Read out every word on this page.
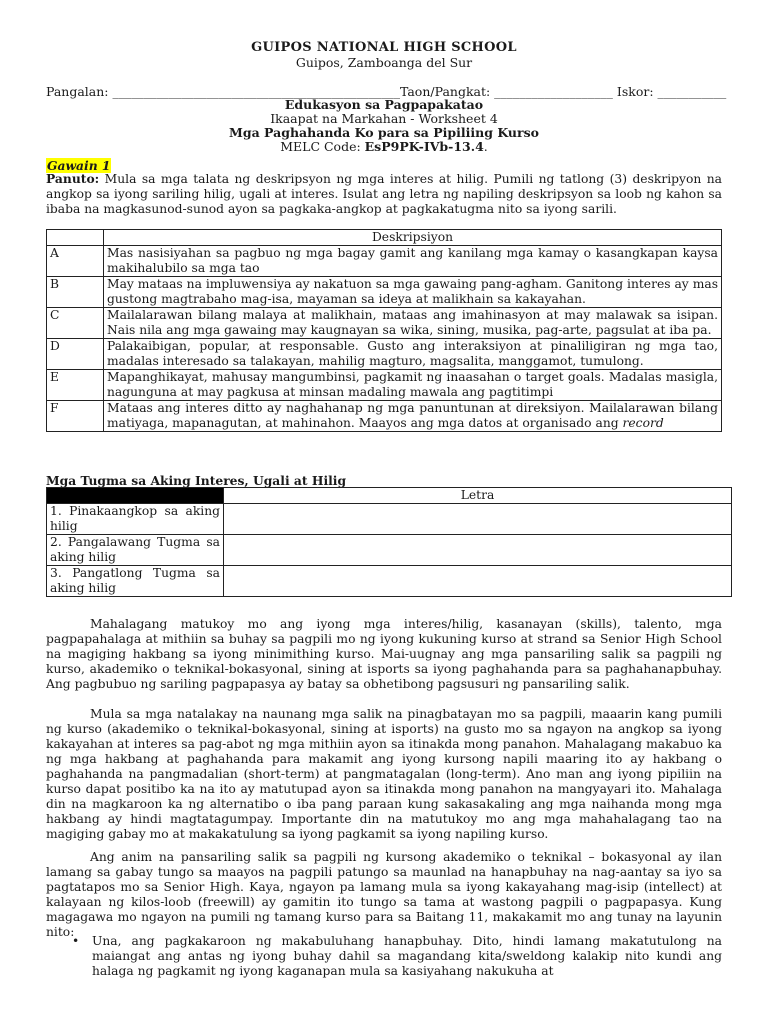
GUIPOS NATIONAL HIGH SCHOOL
Guipos, Zamboanga del Sur
Pangalan: ______________________________________________Taon/Pangkat: ___________________ Iskor: ___________
Edukasyon sa Pagpapakatao
Ikaapat na Markahan - Worksheet 4
Mga Paghahanda Ko para sa Pipiliing Kurso
MELC Code: EsP9PK-IVb-13.4.
Gawain 1
Panuto: Mula sa mga talata ng deskripsyon ng mga interes at hilig. Pumili ng tatlong (3) deskripyon na angkop sa iyong sariling hilig, ugali at interes. Isulat ang letra ng napiling deskripsyon sa loob ng kahon sa ibaba na magkasunod-sunod ayon sa pagkaka-angkop at pagkakatugma nito sa iyong sarili.
	Deskripsiyon
A	Mas nasisiyahan sa pagbuo ng mga bagay gamit ang kanilang mga kamay o kasangkapan kaysa makihalubilo sa mga tao
B	May mataas na impluwensiya ay nakatuon sa mga gawaing pang-agham. Ganitong interes ay mas gustong magtrabaho mag-isa, mayaman sa ideya at malikhain sa kakayahan.
C	Mailalarawan bilang malaya at malikhain, mataas ang imahinasyon at may malawak sa isipan. Nais nila ang mga gawaing may kaugnayan sa wika, sining, musika, pag-arte, pagsulat at iba pa.
D	Palakaibigan, popular, at responsable. Gusto ang interaksiyon at pinaliligiran ng mga tao, madalas interesado sa talakayan, mahilig magturo, magsalita, manggamot, tumulong.
E	Mapanghikayat, mahusay mangumbinsi, pagkamit ng inaasahan o target goals. Madalas masigla, nagunguna at may pagkusa at minsan madaling mawala ang pagtitimpi
F	Mataas ang interes ditto ay naghahanap ng mga panuntunan at direksiyon. Mailalarawan bilang matiyaga, mapanagutan, at mahinahon. Maayos ang mga datos at organisado ang record
Mga Tugma sa Aking Interes, Ugali at Hilig
	Letra
1. Pinakaangkop sa aking hilig	
2. Pangalawang Tugma sa aking hilig	
3. Pangatlong Tugma sa aking hilig	
Mahalagang matukoy mo ang iyong mga interes/hilig, kasanayan (skills), talento, mga pagpapahalaga at mithiin sa buhay sa pagpili mo ng iyong kukuning kurso at strand sa Senior High School na magiging hakbang sa iyong minimithing kurso. Mai-uugnay ang mga pansariling salik sa pagpili ng kurso, akademiko o teknikal-bokasyonal, sining at isports sa iyong paghahanda para sa paghahanapbuhay. Ang pagbubuo ng sariling pagpapasya ay batay sa obhetibong pagsusuri ng pansariling salik.
Mula sa mga natalakay na naunang mga salik na pinagbatayan mo sa pagpili, maaarin kang pumili ng kurso (akademiko o teknikal-bokasyonal, sining at isports) na gusto mo sa ngayon na angkop sa iyong kakayahan at interes sa pag-abot ng mga mithiin ayon sa itinakda mong panahon. Mahalagang makabuo ka ng mga hakbang at paghahanda para makamit ang iyong kursong napili maaring ito ay hakbang o paghahanda na pangmadalian (short-term) at pangmatagalan (long-term). Ano man ang iyong pipiliin na kurso dapat positibo ka na ito ay matutupad ayon sa itinakda mong panahon na mangyayari ito. Mahalaga din na magkaroon ka ng alternatibo o iba pang paraan kung sakasakaling ang mga naihanda mong mga hakbang ay hindi magtatagumpay. Importante din na matutukoy mo ang mga mahahalagang tao na magiging gabay mo at makakatulung sa iyong pagkamit sa iyong napiling kurso.
Ang anim na pansariling salik sa pagpili ng kursong akademiko o teknikal – bokasyonal ay ilan lamang sa gabay tungo sa maayos na pagpili patungo sa maunlad na hanapbuhay na nag-aantay sa iyo sa pagtatapos mo sa Senior High. Kaya, ngayon pa lamang mula sa iyong kakayahang mag-isip (intellect) at kalayaan ng kilos-loob (freewill) ay gamitin ito tungo sa tama at wastong pagpili o pagpapasya. Kung magagawa mo ngayon na pumili ng tamang kurso para sa Baitang 11, makakamit mo ang tunay na layunin nito:
• Una, ang pagkakaroon ng makabuluhang hanapbuhay. Dito, hindi lamang makatutulong na maiangat ang antas ng iyong buhay dahil sa magandang kita/sweldong kalakip nito kundi ang halaga ng pagkamit ng iyong kaganapan mula sa kasiyahang nakukuha at
